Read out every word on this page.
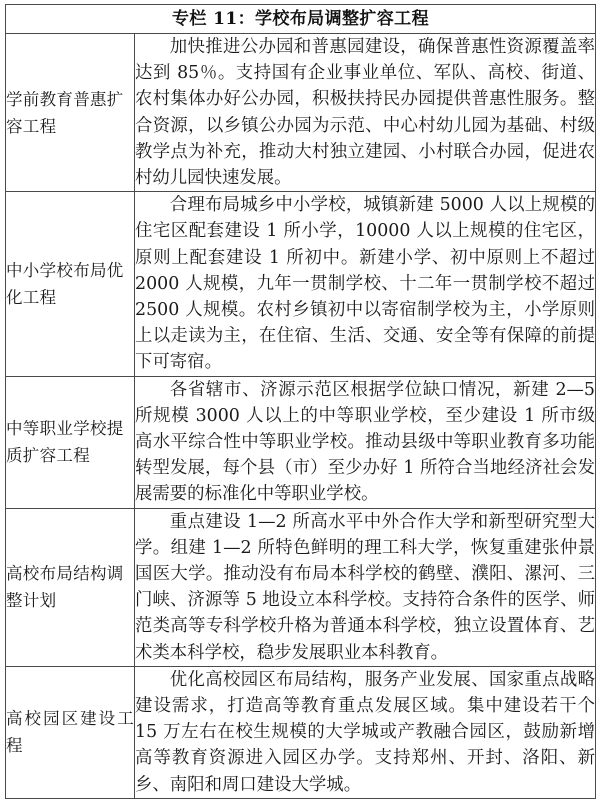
专栏 11：学校布局调整扩容工程	

学前教育普惠扩容工程	加快推进公办园和普惠园建设，确保普惠性资源覆盖率达到 85％。支持国有企业事业单位、军队、高校、街道、农村集体办好公办园，积极扶持民办园提供普惠性服务。整合资源，以乡镇公办园为示范、中心村幼儿园为基础、村级教学点为补充，推动大村独立建园、小村联合办园，促进农村幼儿园快速发展。

中小学校布局优化工程	合理布局城乡中小学校，城镇新建 5000 人以上规模的住宅区配套建设 1 所小学，10000 人以上规模的住宅区，原则上配套建设 1 所初中。新建小学、初中原则上不超过 2000 人规模，九年一贯制学校、十二年一贯制学校不超过 2500 人规模。农村乡镇初中以寄宿制学校为主，小学原则上以走读为主，在住宿、生活、交通、安全等有保障的前提下可寄宿。

中等职业学校提质扩容工程	各省辖市、济源示范区根据学位缺口情况，新建 2—5 所规模 3000 人以上的中等职业学校，至少建设 1 所市级高水平综合性中等职业学校。推动县级中等职业教育多功能转型发展，每个县（市）至少办好 1 所符合当地经济社会发展需要的标准化中等职业学校。

高校布局结构调整计划	重点建设 1—2 所高水平中外合作大学和新型研究型大学。组建 1—2 所特色鲜明的理工科大学，恢复重建张仲景国医大学。推动没有布局本科学校的鹤壁、濮阳、漯河、三门峡、济源等 5 地设立本科学校。支持符合条件的医学、师范类高等专科学校升格为普通本科学校，独立设置体育、艺术类本科学校，稳步发展职业本科教育。

高校园区建设工程	优化高校园区布局结构，服务产业发展、国家重点战略建设需求，打造高等教育重点发展区域。集中建设若干个 15 万左右在校生规模的大学城或产教融合园区，鼓励新增高等教育资源进入园区办学。支持郑州、开封、洛阳、新乡、南阳和周口建设大学城。
